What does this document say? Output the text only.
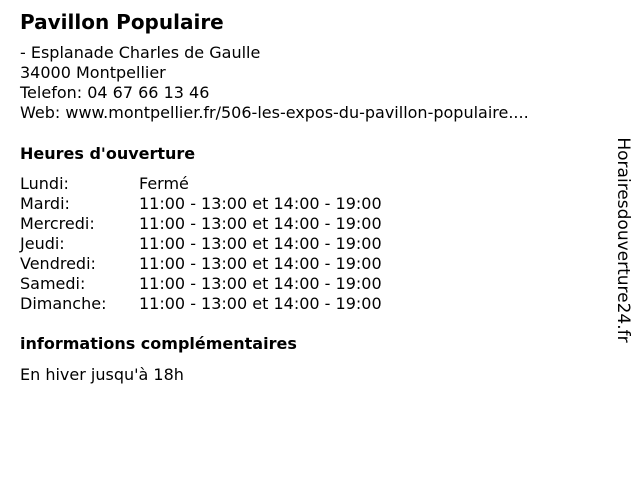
Pavillon Populaire
- Esplanade Charles de Gaulle
34000 Montpellier
Telefon: 04 67 66 13 46
Web: www.montpellier.fr/506-les-expos-du-pavillon-populaire....
Heures d'ouverture
Lundi:	Fermé
Mardi:	11:00 - 13:00 et 14:00 - 19:00
Mercredi:	11:00 - 13:00 et 14:00 - 19:00
Jeudi:	11:00 - 13:00 et 14:00 - 19:00
Vendredi:	11:00 - 13:00 et 14:00 - 19:00
Samedi:	11:00 - 13:00 et 14:00 - 19:00
Dimanche: 11:00 - 13:00 et 14:00 - 19:00
informations complémentaires
En hiver jusqu'à 18h
Horairesdouverture24.fr
